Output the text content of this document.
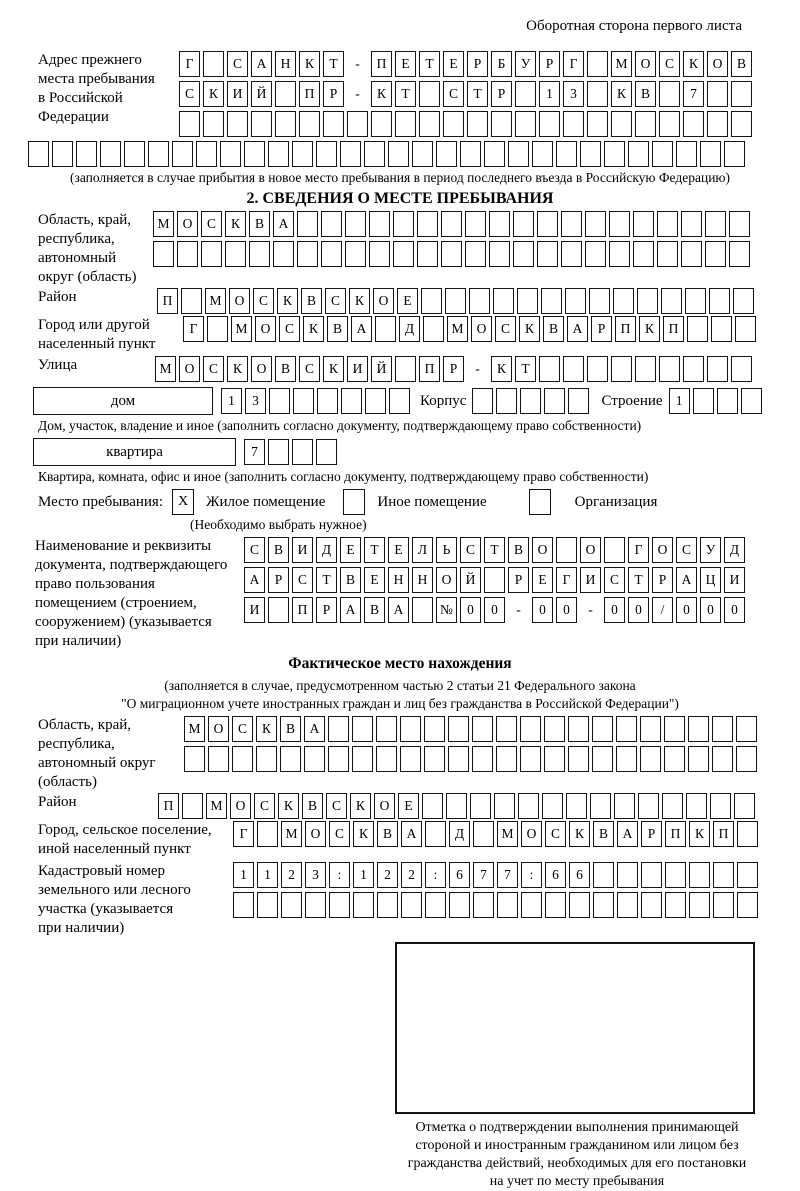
Оборотная сторона первого листа
Адрес прежнего
места пребывания
в Российской
Федерации
Г	С	А	Н	К	Т	-	П	Е	Т	Е	Р	Б	У	Р	Г	М О	С	К	О	В
С	К	И	Й	П	Р	-	К	Т	С	Т	Р	1	3	К	В	7
(заполняется в случае прибытия в новое место пребывания в период последнего въезда в Российскую Федерацию)
2. СВЕДЕНИЯ О МЕСТЕ ПРЕБЫВАНИЯ
Область, край,
республика,
автономный
округ (область)
М О	С	К	В	А
Район	П	М О	С	К	В	С	К	О	Е
Город или другой
населенный пункт
Г	М О	С	К	В	А	Д	М О	С	К	В	А	Р	П	К	П
Улица	М О	С	К	О	В	С	К	И	Й	П	Р	-	К	Т
дом	1	3	Корпус	Строение 1
Дом, участок, владение и иное (заполнить согласно документу, подтверждающему право собственности)
квартира	7
Квартира, комната, офис и иное (заполнить согласно документу, подтверждающему право собственности)
Место пребывания:	X	Жилое помещение	Иное помещение	Организация
(Необходимо выбрать нужное)
Наименование и реквизиты
документа, подтверждающего
право пользования
помещением (строением,
сооружением) (указывается
при наличии)
С	В	И	Д	Е	Т	Е	Л	Ь	С	Т	В	О	О	Г	О	С	У	Д
А	Р	С	Т	В	Е	Н	Н	О	Й	Р	Е	Г	И	С	Т	Р	А	Ц	И
И	П	Р	А	В	А	№	0	0	-	0	0	-	0	0	/	0	0	0
Фактическое место нахождения
(заполняется в случае, предусмотренном частью 2 статьи 21 Федерального закона
"О миграционном учете иностранных граждан и лиц без гражданства в Российской Федерации")
Область, край,
республика,
автономный округ
(область)
М О	С	К	В	А
Район	П	М О	С	К	В	С	К	О	Е
Город, сельское поселение,
иной населенный пункт
Г	М О	С	К	В	А	Д	М О	С	К	В	А	Р	П	К	П
Кадастровый номер
земельного или лесного
участка (указывается
при наличии)
1	1	2	3	:	1	2	2	:	6	7	7	:	6	6
Отметка о подтверждении выполнения принимающей
стороной и иностранным гражданином или лицом без
гражданства действий, необходимых для его постановки
на учет по месту пребывания
